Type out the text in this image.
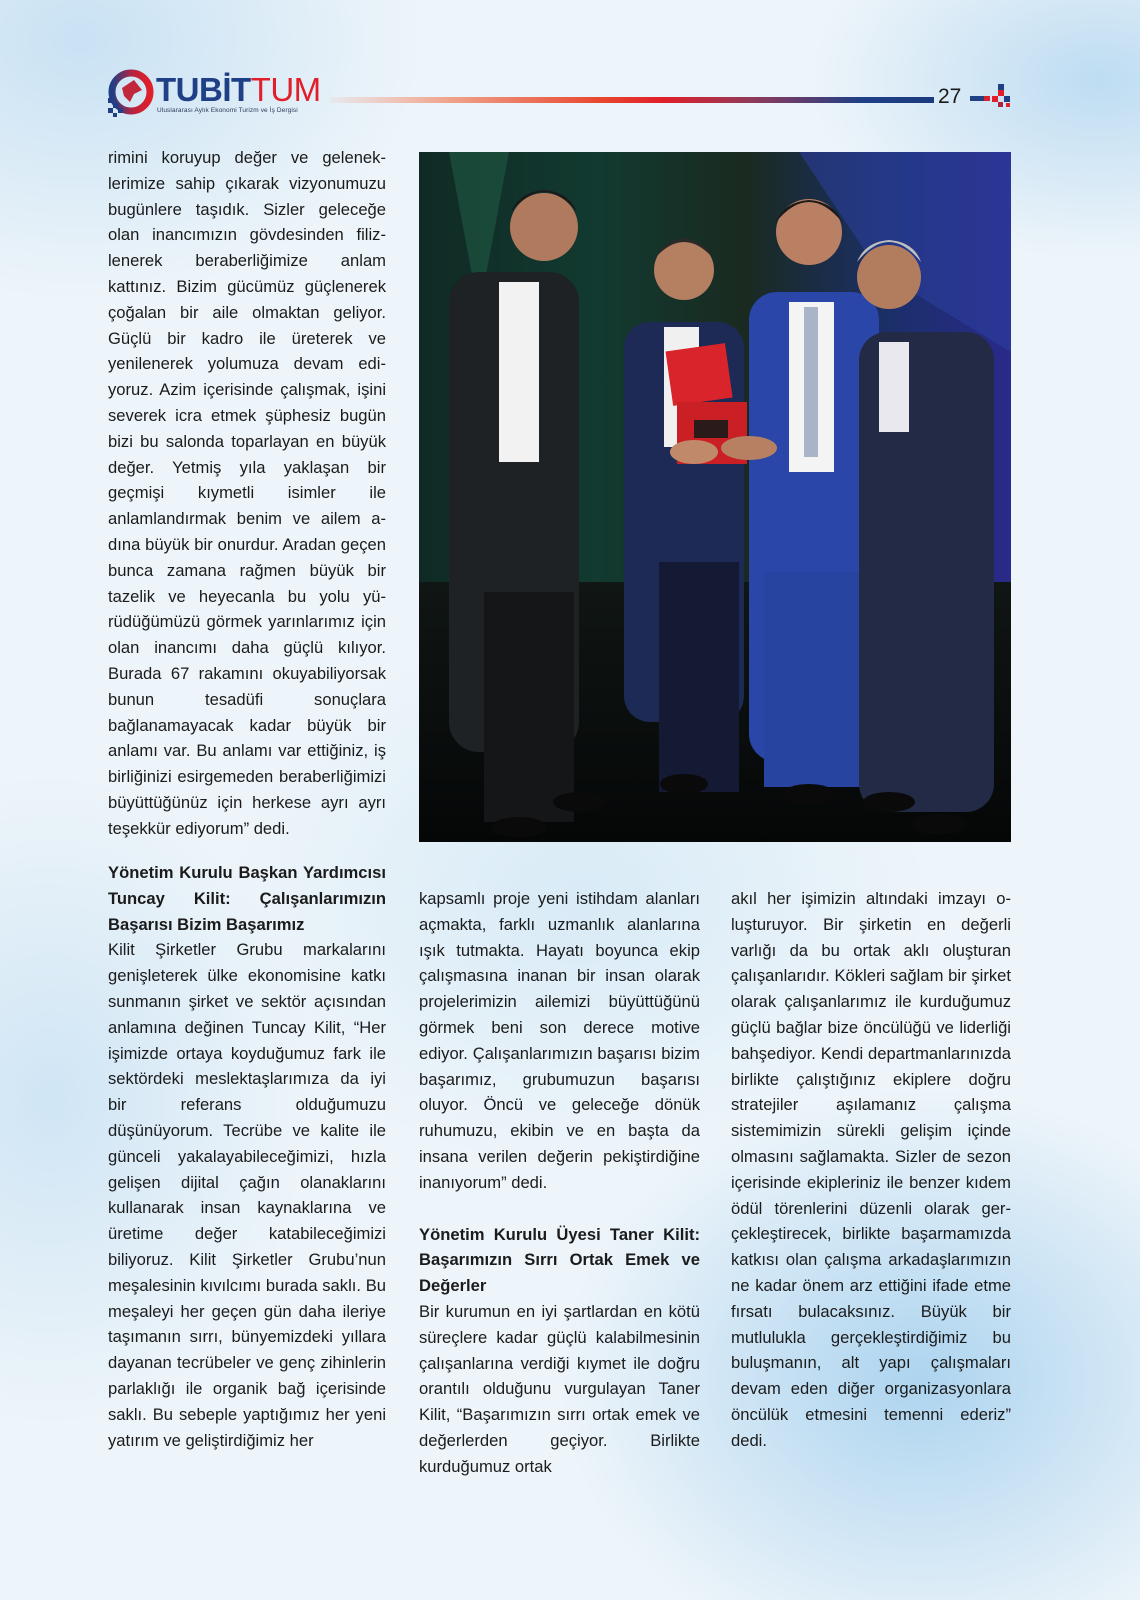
TUBİTTUM
Uluslararası Aylık Ekonomi Turizm ve İş Dergisi
27

rimini koruyup değer ve geleneklerimize sahip çıkarak vizyonumuzu bugünlere taşıdık. Sizler geleceğe olan inancımızın gövdesinden filizlenerek beraberliğimize anlam kattınız. Bizim gücümüz güçlenerek çoğalan bir aile olmaktan geliyor. Güçlü bir kadro ile üreterek ve yenilenerek yolumuza devam ediyoruz. Azim içerisinde çalışmak, işini severek icra etmek şüphesiz bugün bizi bu salonda toparlayan en büyük değer. Yetmiş yıla yaklaşan bir geçmişi kıymetli isimler ile anlamlandırmak benim ve ailem adına büyük bir onurdur. Aradan geçen bunca zamana rağmen büyük bir tazelik ve heyecanla bu yolu yürüdüğümüzü görmek yarınlarımız için olan inancımı daha güçlü kılıyor. Burada 67 rakamını okuyabiliyorsak bunun tesadüfi sonuçlara bağlanamayacak kadar büyük bir anlamı var. Bu anlamı var ettiğiniz, iş birliğinizi esirgemeden beraberliğimizi büyüttüğünüz için herkese ayrı ayrı teşekkür ediyorum” dedi.

Yönetim Kurulu Başkan Yardımcısı Tuncay Kilit: Çalışanlarımızın Başarısı Bizim Başarımız

Kilit Şirketler Grubu markalarını genişleterek ülke ekonomisine katkı sunmanın şirket ve sektör açısından anlamına değinen Tuncay Kilit, “Her işimizde ortaya koyduğumuz fark ile sektördeki meslektaşlarımıza da iyi bir referans olduğumuzu düşünüyorum. Tecrübe ve kalite ile günceli yakalayabileceğimizi, hızla gelişen dijital çağın olanaklarını kullanarak insan kaynaklarına ve üretime değer katabileceğimizi biliyoruz. Kilit Şirketler Grubu’nun meşalesinin kıvılcımı burada saklı. Bu meşaleyi her geçen gün daha ileriye taşımanın sırrı, bünyemizdeki yıllara dayanan tecrübeler ve genç zihinlerin parlaklığı ile organik bağ içerisinde saklı. Bu sebeple yaptığımız her yeni yatırım ve geliştirdiğimiz her

kapsamlı proje yeni istihdam alanları açmakta, farklı uzmanlık alanlarına ışık tutmakta. Hayatı boyunca ekip çalışmasına inanan bir insan olarak projelerimizin ailemizi büyüttüğünü görmek beni son derece motive ediyor. Çalışanlarımızın başarısı bizim başarımız, grubumuzun başarısı oluyor. Öncü ve geleceğe dönük ruhumuzu, ekibin ve en başta da insana verilen değerin pekiştirdiğine inanıyorum” dedi.

Yönetim Kurulu Üyesi Taner Kilit: Başarımızın Sırrı Ortak Emek ve Değerler

Bir kurumun en iyi şartlardan en kötü süreçlere kadar güçlü kalabilmesinin çalışanlarına verdiği kıymet ile doğru orantılı olduğunu vurgulayan Taner Kilit, “Başarımızın sırrı ortak emek ve değerlerden geçiyor. Birlikte kurduğumuz ortak

akıl her işimizin altındaki imzayı oluşturuyor. Bir şirketin en değerli varlığı da bu ortak aklı oluşturan çalışanlarıdır. Kökleri sağlam bir şirket olarak çalışanlarımız ile kurduğumuz güçlü bağlar bize öncülüğü ve liderliği bahşediyor. Kendi departmanlarınızda birlikte çalıştığınız ekiplere doğru stratejiler aşılamanız çalışma sistemimizin sürekli gelişim içinde olmasını sağlamakta. Sizler de sezon içerisinde ekipleriniz ile benzer kıdem ödül törenlerini düzenli olarak gerçekleştirecek, birlikte başarmamızda katkısı olan çalışma arkadaşlarımızın ne kadar önem arz ettiğini ifade etme fırsatı bulacaksınız. Büyük bir mutlulukla gerçekleştirdiğimiz bu buluşmanın, alt yapı çalışmaları devam eden diğer organizasyonlara öncülük etmesini temenni ederiz” dedi.
